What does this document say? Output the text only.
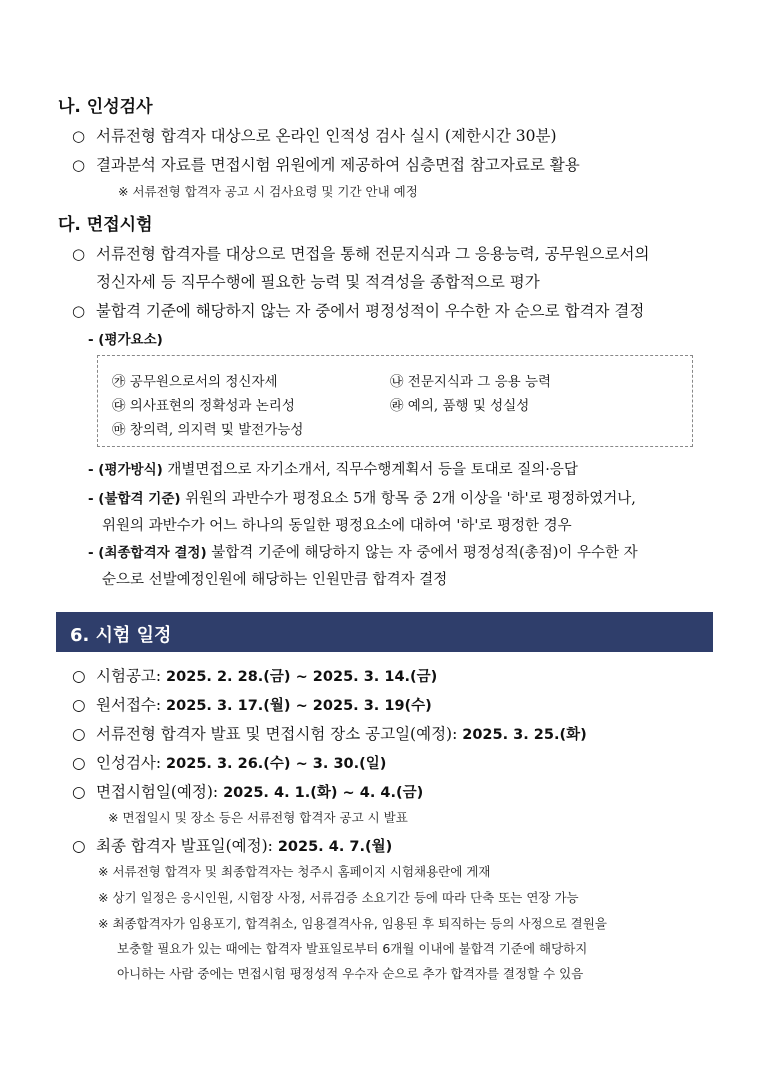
나. 인성검사
○ 서류전형 합격자 대상으로 온라인 인적성 검사 실시 (제한시간 30분)
○ 결과분석 자료를 면접시험 위원에게 제공하여 심층면접 참고자료로 활용
※ 서류전형 합격자 공고 시 검사요령 및 기간 안내 예정
다. 면접시험
○ 서류전형 합격자를 대상으로 면접을 통해 전문지식과 그 응용능력, 공무원으로서의
정신자세 등 직무수행에 필요한 능력 및 적격성을 종합적으로 평가
○ 불합격 기준에 해당하지 않는 자 중에서 평정성적이 우수한 자 순으로 합격자 결정
- (평가요소)
㉮ 공무원으로서의 정신자세	㉯ 전문지식과 그 응용 능력
㉰ 의사표현의 정확성과 논리성	㉱ 예의, 품행 및 성실성
㉲ 창의력, 의지력 및 발전가능성
- (평가방식) 개별면접으로 자기소개서, 직무수행계획서 등을 토대로 질의·응답
- (불합격 기준) 위원의 과반수가 평정요소 5개 항목 중 2개 이상을 '하'로 평정하였거나,
위원의 과반수가 어느 하나의 동일한 평정요소에 대하여 '하'로 평정한 경우
- (최종합격자 결정) 불합격 기준에 해당하지 않는 자 중에서 평정성적(총점)이 우수한 자
순으로 선발예정인원에 해당하는 인원만큼 합격자 결정
6. 시험 일정
○ 시험공고: 2025. 2. 28.(금) ~ 2025. 3. 14.(금)
○ 원서접수: 2025. 3. 17.(월) ~ 2025. 3. 19(수)
○ 서류전형 합격자 발표 및 면접시험 장소 공고일(예정): 2025. 3. 25.(화)
○ 인성검사: 2025. 3. 26.(수) ~ 3. 30.(일)
○ 면접시험일(예정): 2025. 4. 1.(화) ~ 4. 4.(금)
※ 면접일시 및 장소 등은 서류전형 합격자 공고 시 발표
○ 최종 합격자 발표일(예정): 2025. 4. 7.(월)
※ 서류전형 합격자 및 최종합격자는 청주시 홈페이지 시험채용란에 게재
※ 상기 일정은 응시인원, 시험장 사정, 서류검증 소요기간 등에 따라 단축 또는 연장 가능
※ 최종합격자가 임용포기, 합격취소, 임용결격사유, 임용된 후 퇴직하는 등의 사정으로 결원을
보충할 필요가 있는 때에는 합격자 발표일로부터 6개월 이내에 불합격 기준에 해당하지
아니하는 사람 중에는 면접시험 평정성적 우수자 순으로 추가 합격자를 결정할 수 있음
